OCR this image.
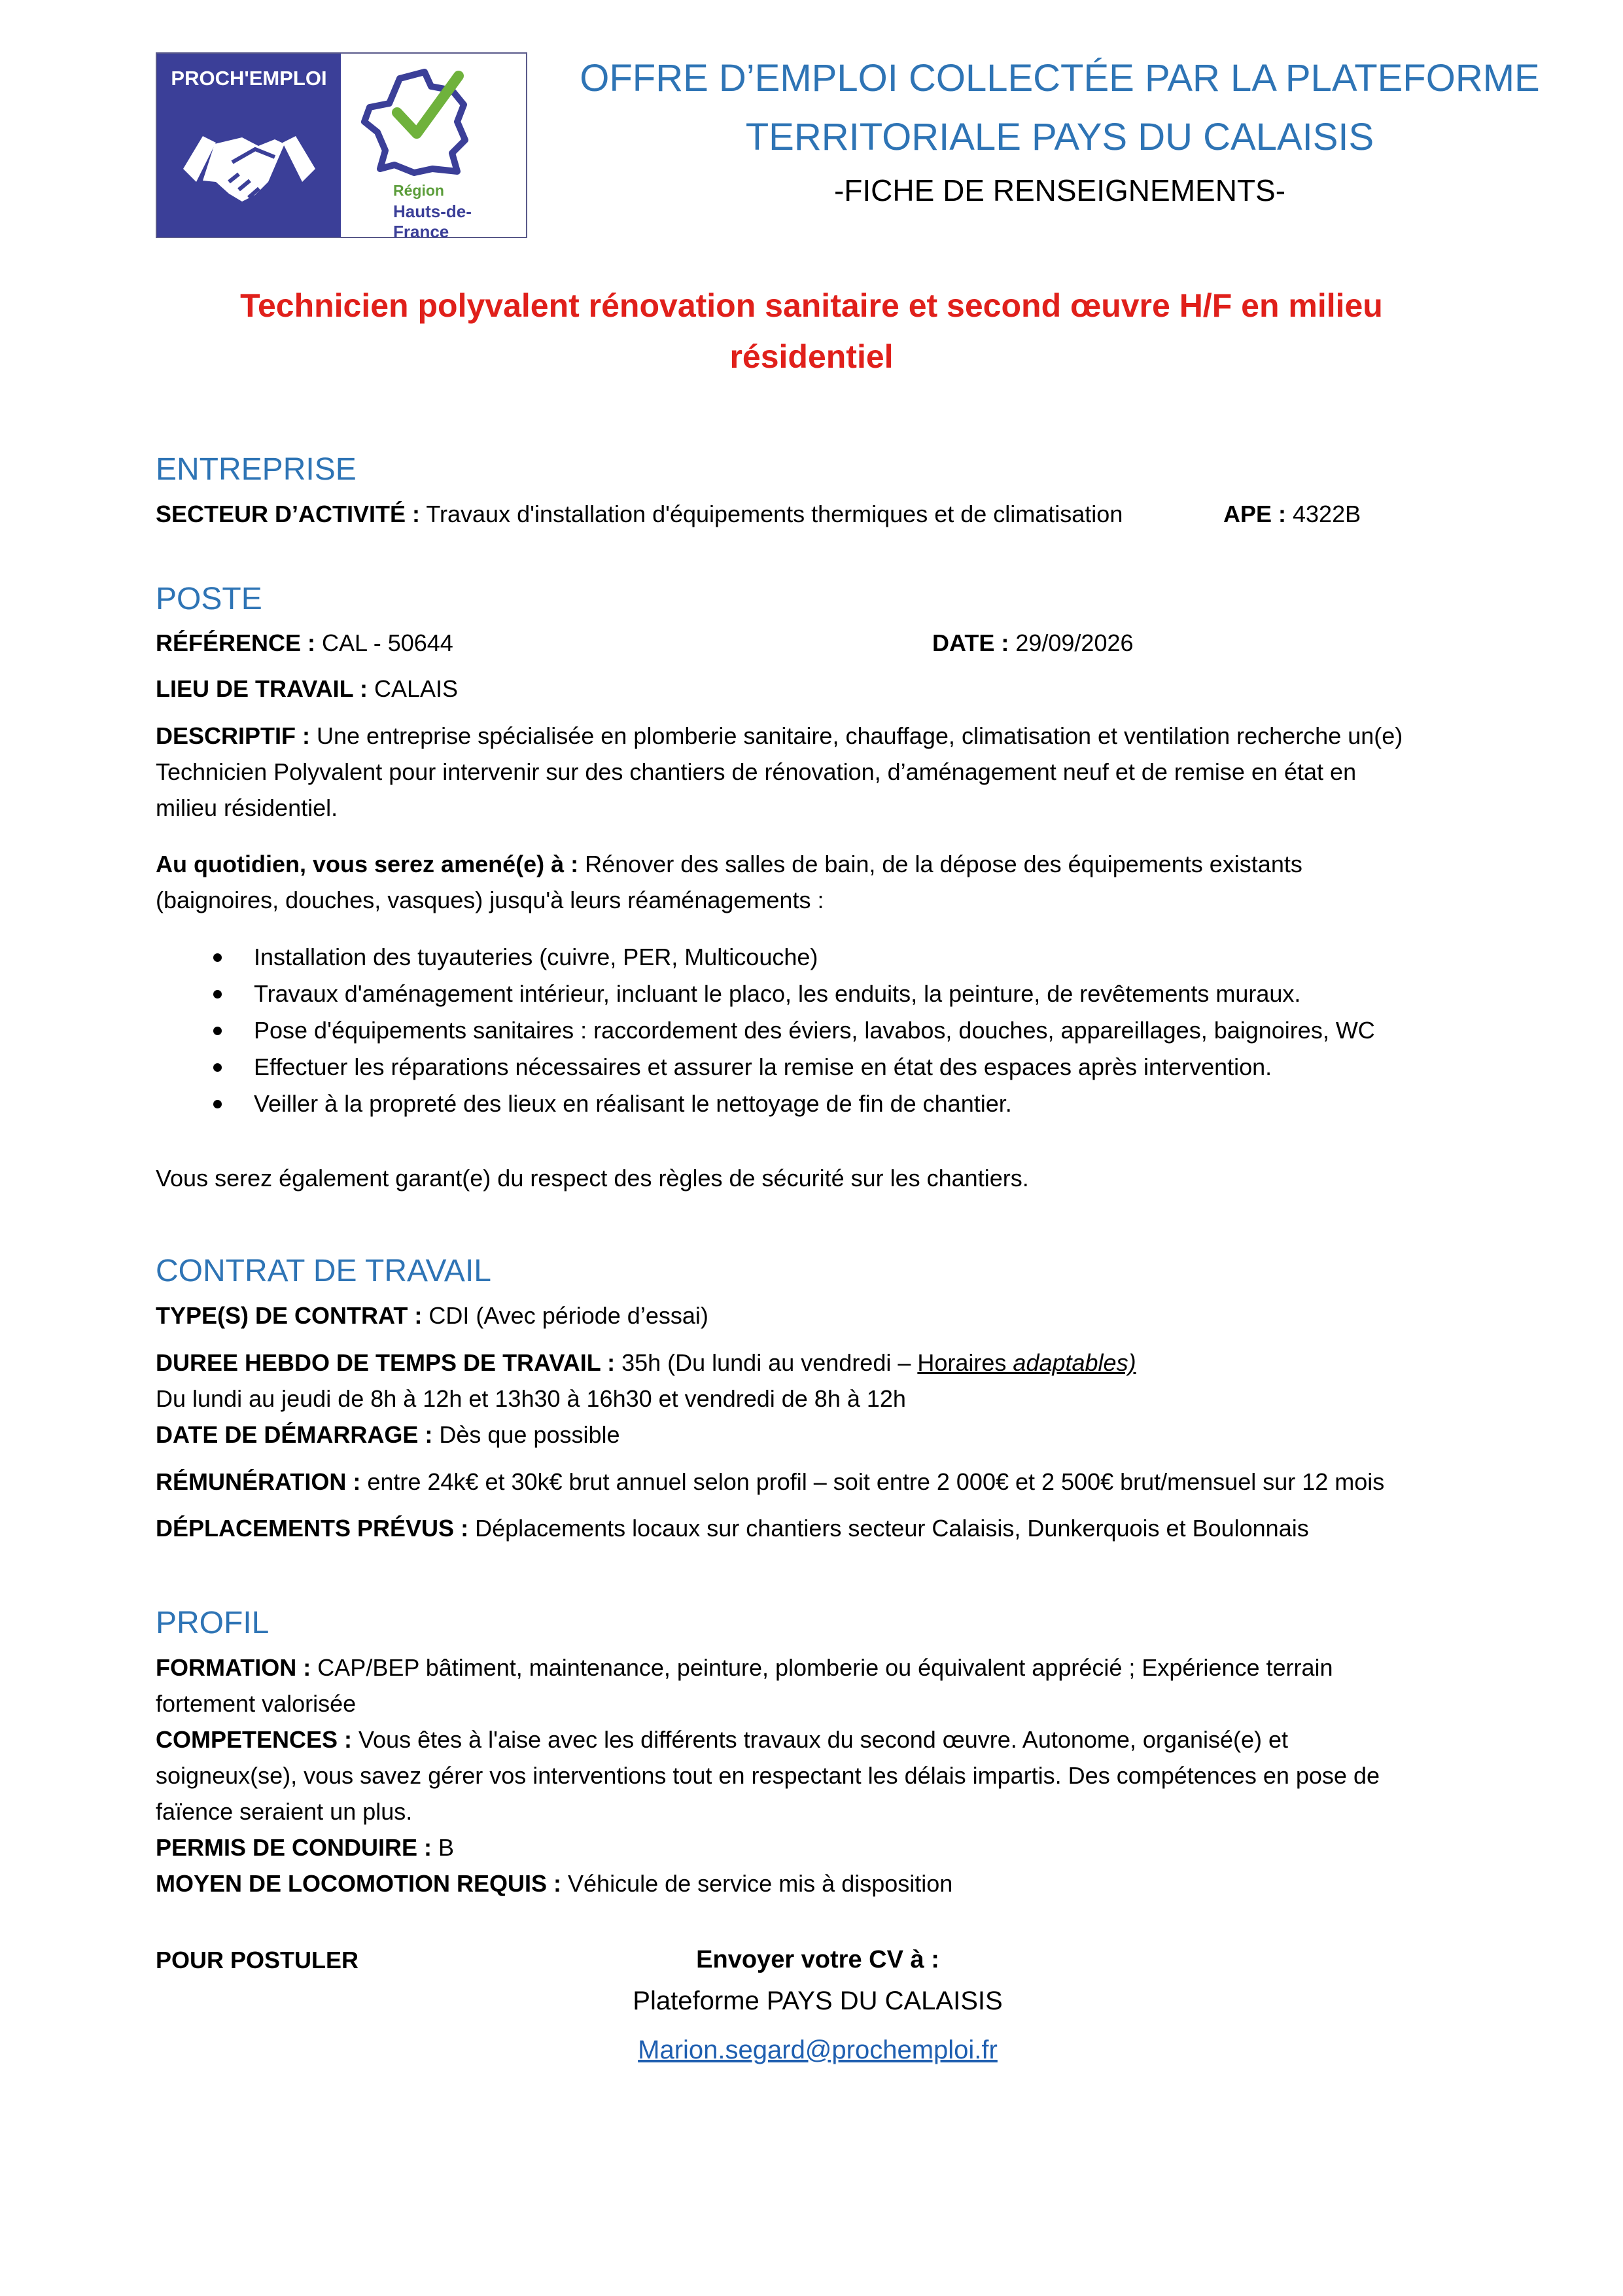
PROCH'EMPLOI
Région
Hauts-de-France
OFFRE D’EMPLOI COLLECTÉE PAR LA PLATEFORME
TERRITORIALE PAYS DU CALAISIS
-FICHE DE RENSEIGNEMENTS-
Technicien polyvalent rénovation sanitaire et second œuvre H/F en milieu
résidentiel
ENTREPRISE
SECTEUR D’ACTIVITÉ : Travaux d'installation d'équipements thermiques et de climatisation	APE : 4322B
POSTE
RÉFÉRENCE : CAL - 50644	DATE : 29/09/2026
LIEU DE TRAVAIL : CALAIS
DESCRIPTIF : Une entreprise spécialisée en plomberie sanitaire, chauffage, climatisation et ventilation recherche un(e)
Technicien Polyvalent pour intervenir sur des chantiers de rénovation, d’aménagement neuf et de remise en état en
milieu résidentiel.
Au quotidien, vous serez amené(e) à : Rénover des salles de bain, de la dépose des équipements existants
(baignoires, douches, vasques) jusqu'à leurs réaménagements :
Installation des tuyauteries (cuivre, PER, Multicouche)
Travaux d'aménagement intérieur, incluant le placo, les enduits, la peinture, de revêtements muraux.
Pose d'équipements sanitaires : raccordement des éviers, lavabos, douches, appareillages, baignoires, WC
Effectuer les réparations nécessaires et assurer la remise en état des espaces après intervention.
Veiller à la propreté des lieux en réalisant le nettoyage de fin de chantier.
Vous serez également garant(e) du respect des règles de sécurité sur les chantiers.
CONTRAT DE TRAVAIL
TYPE(S) DE CONTRAT : CDI (Avec période d’essai)
DUREE HEBDO DE TEMPS DE TRAVAIL : 35h (Du lundi au vendredi – Horaires adaptables)
Du lundi au jeudi de 8h à 12h et 13h30 à 16h30 et vendredi de 8h à 12h
DATE DE DÉMARRAGE : Dès que possible
RÉMUNÉRATION : entre 24k€ et 30k€ brut annuel selon profil – soit entre 2 000€ et 2 500€ brut/mensuel sur 12 mois
DÉPLACEMENTS PRÉVUS : Déplacements locaux sur chantiers secteur Calaisis, Dunkerquois et Boulonnais
PROFIL
FORMATION : CAP/BEP bâtiment, maintenance, peinture, plomberie ou équivalent apprécié ; Expérience terrain
fortement valorisée
COMPETENCES : Vous êtes à l'aise avec les différents travaux du second œuvre. Autonome, organisé(e) et
soigneux(se), vous savez gérer vos interventions tout en respectant les délais impartis. Des compétences en pose de
faïence seraient un plus.
PERMIS DE CONDUIRE : B
MOYEN DE LOCOMOTION REQUIS : Véhicule de service mis à disposition
POUR POSTULER	Envoyer votre CV à :
Plateforme PAYS DU CALAISIS
Marion.segard@prochemploi.fr
